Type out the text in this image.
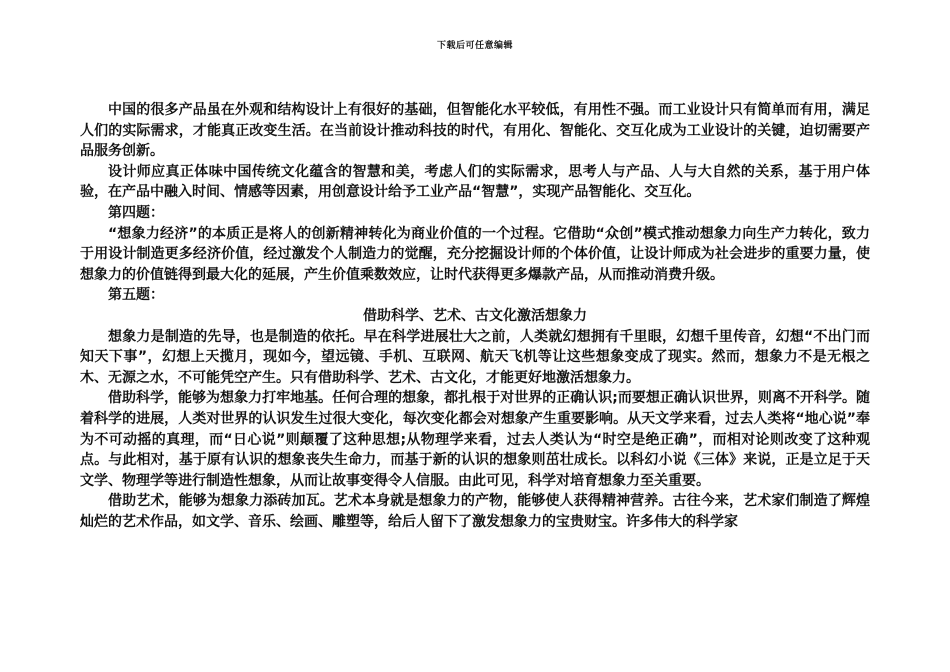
下载后可任意编辑

中国的很多产品虽在外观和结构设计上有很好的基础，但智能化水平较低，有用性不强。而工业设计只有简单而有用，满足人们的实际需求，才能真正改变生活。在当前设计推动科技的时代，有用化、智能化、交互化成为工业设计的关键，迫切需要产品服务创新。

设计师应真正体味中国传统文化蕴含的智慧和美，考虑人们的实际需求，思考人与产品、人与大自然的关系，基于用户体验，在产品中融入时间、情感等因素，用创意设计给予工业产品“智慧”，实现产品智能化、交互化。

第四题：

“想象力经济”的本质正是将人的创新精神转化为商业价值的一个过程。它借助“众创”模式推动想象力向生产力转化，致力于用设计制造更多经济价值，经过激发个人制造力的觉醒，充分挖掘设计师的个体价值，让设计师成为社会进步的重要力量，使想象力的价值链得到最大化的延展，产生价值乘数效应，让时代获得更多爆款产品，从而推动消费升级。

第五题：

借助科学、艺术、古文化激活想象力

想象力是制造的先导，也是制造的依托。早在科学进展壮大之前，人类就幻想拥有千里眼，幻想千里传音，幻想“不出门而知天下事”，幻想上天揽月，现如今，望远镜、手机、互联网、航天飞机等让这些想象变成了现实。然而，想象力不是无根之木、无源之水，不可能凭空产生。只有借助科学、艺术、古文化，才能更好地激活想象力。

借助科学，能够为想象力打牢地基。任何合理的想象，都扎根于对世界的正确认识;而要想正确认识世界，则离不开科学。随着科学的进展，人类对世界的认识发生过很大变化，每次变化都会对想象产生重要影响。从天文学来看，过去人类将“地心说”奉为不可动摇的真理，而“日心说”则颠覆了这种思想;从物理学来看，过去人类认为“时空是绝正确”，而相对论则改变了这种观点。与此相对，基于原有认识的想象丧失生命力，而基于新的认识的想象则茁壮成长。以科幻小说《三体》来说，正是立足于天文学、物理学等进行制造性想象，从而让故事变得令人信服。由此可见，科学对培育想象力至关重要。

借助艺术，能够为想象力添砖加瓦。艺术本身就是想象力的产物，能够使人获得精神营养。古往今来，艺术家们制造了辉煌灿烂的艺术作品，如文学、音乐、绘画、雕塑等，给后人留下了激发想象力的宝贵财宝。许多伟大的科学家
